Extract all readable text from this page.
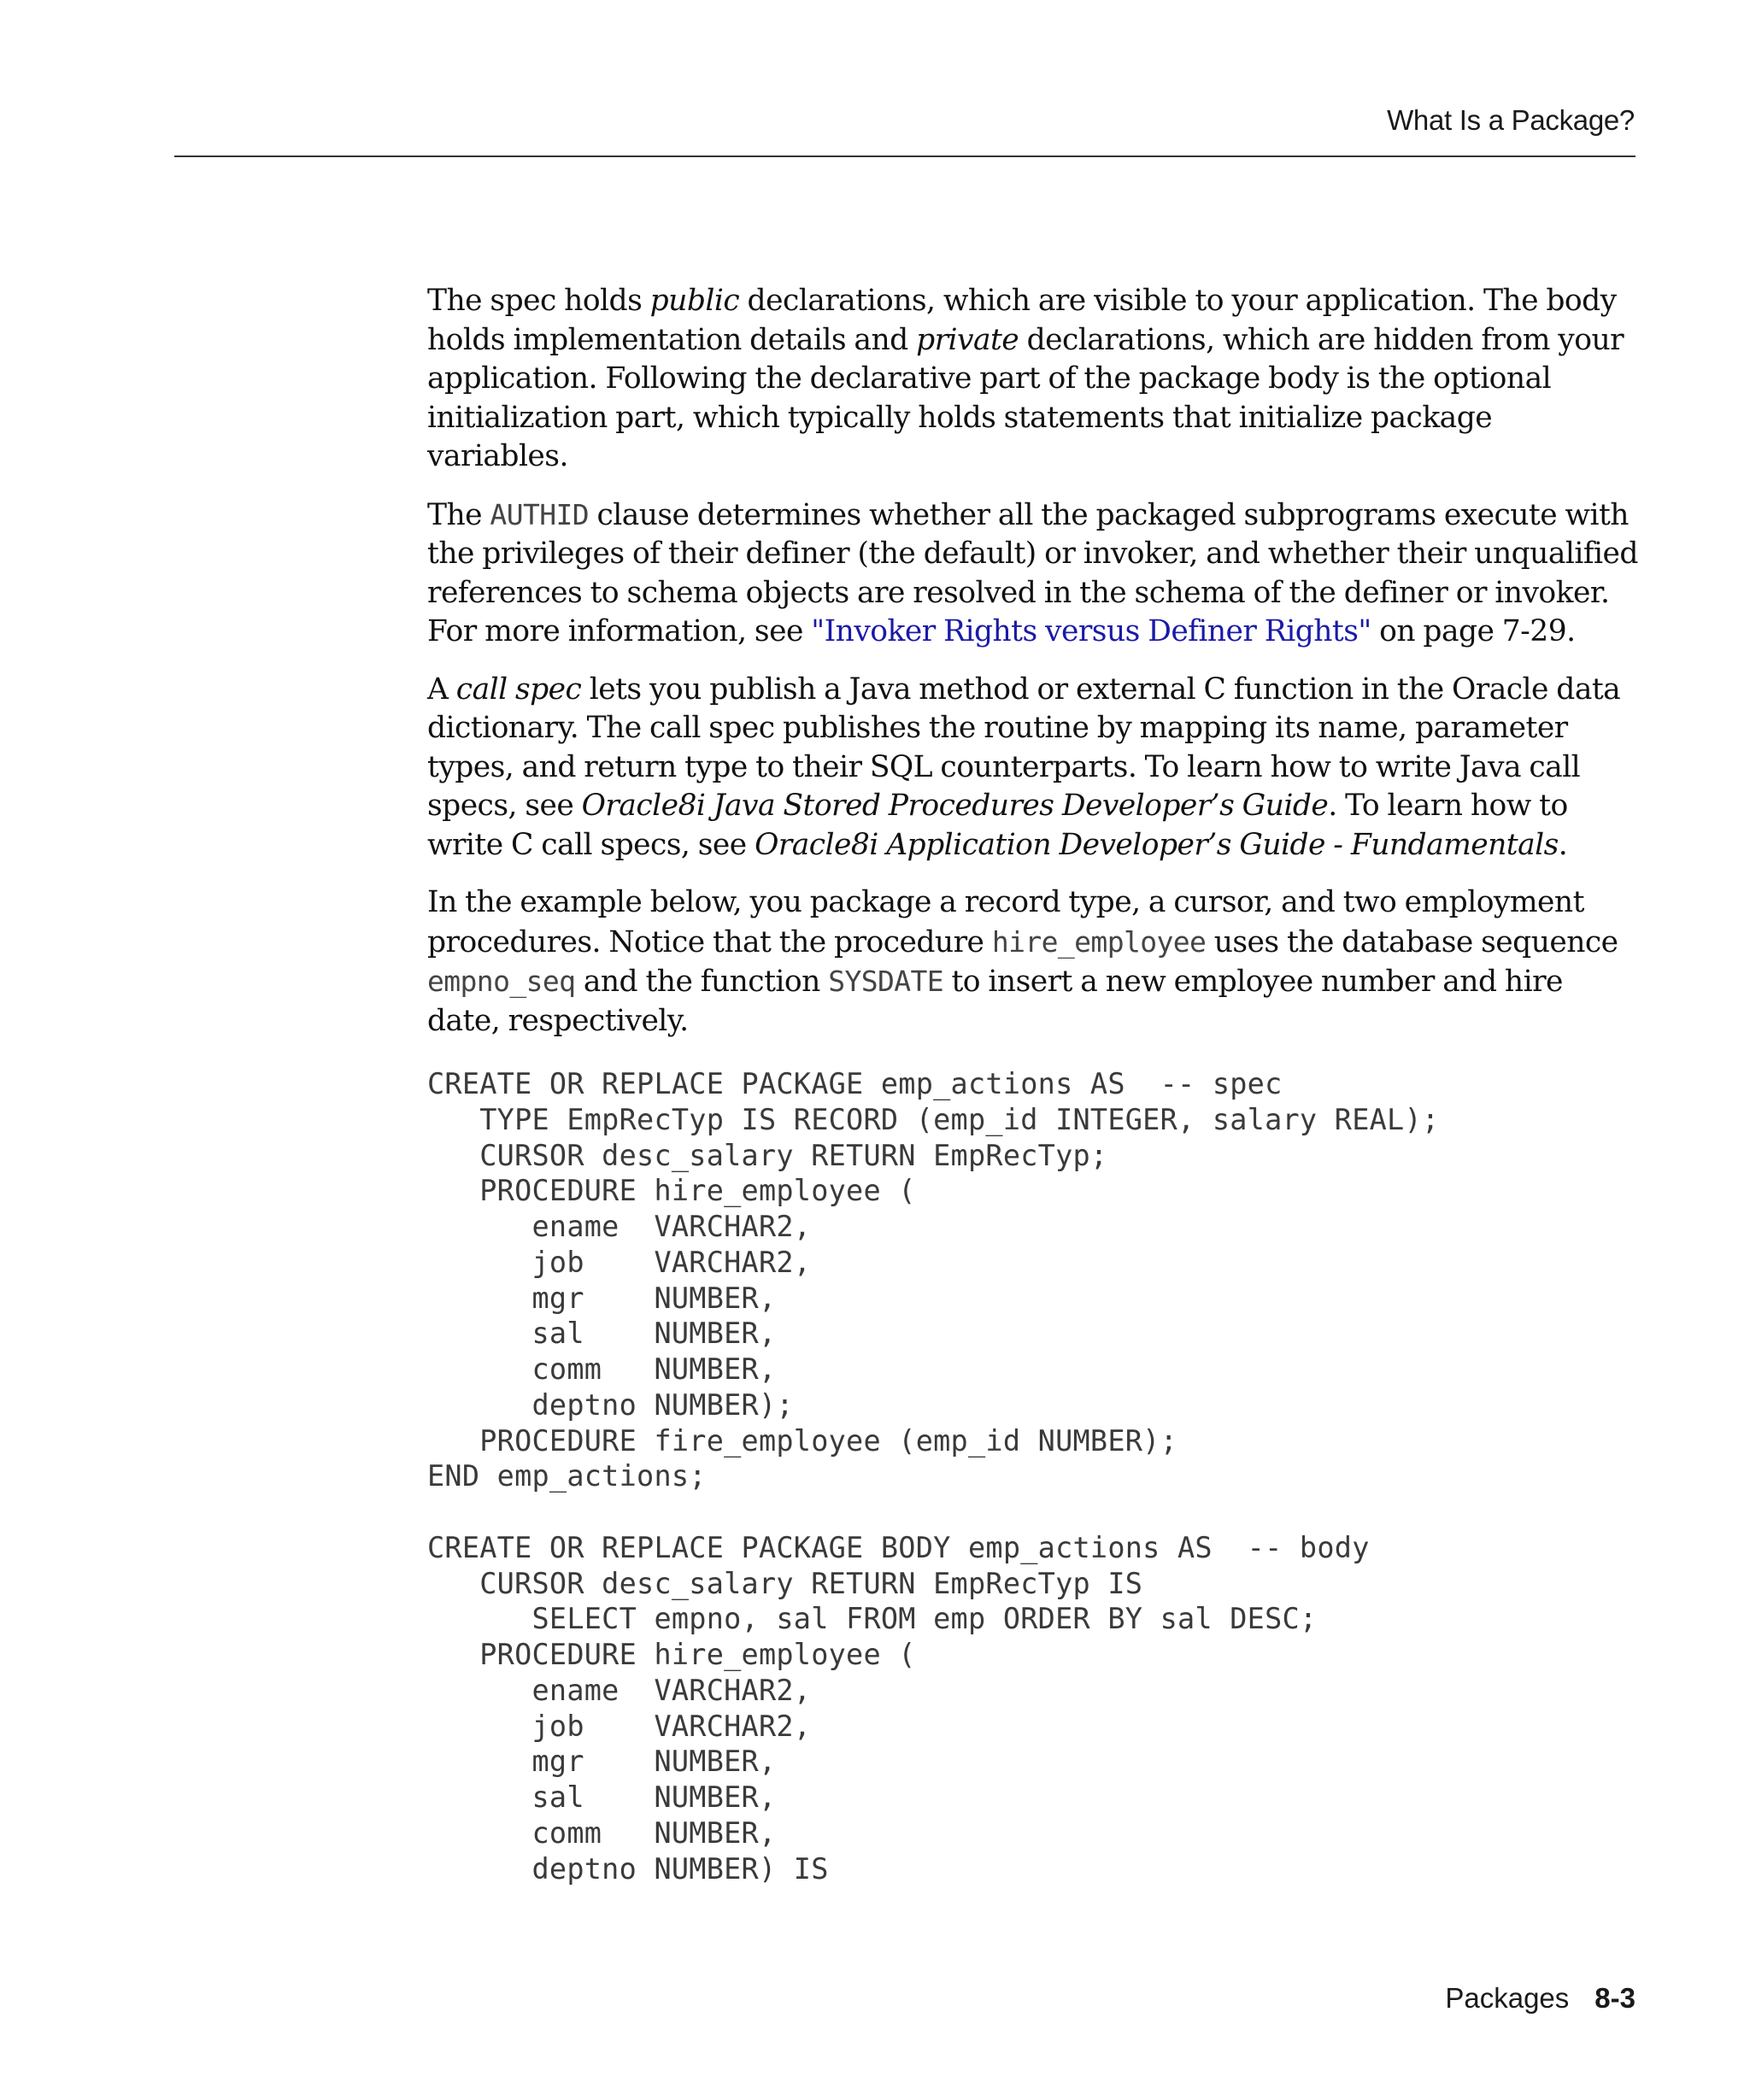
What Is a Package?

The spec holds public declarations, which are visible to your application. The body holds implementation details and private declarations, which are hidden from your application. Following the declarative part of the package body is the optional initialization part, which typically holds statements that initialize package variables.

The AUTHID clause determines whether all the packaged subprograms execute with the privileges of their definer (the default) or invoker, and whether their unqualified references to schema objects are resolved in the schema of the definer or invoker. For more information, see "Invoker Rights versus Definer Rights" on page 7-29.

A call spec lets you publish a Java method or external C function in the Oracle data dictionary. The call spec publishes the routine by mapping its name, parameter types, and return type to their SQL counterparts. To learn how to write Java call specs, see Oracle8i Java Stored Procedures Developer’s Guide. To learn how to write C call specs, see Oracle8i Application Developer’s Guide - Fundamentals.

In the example below, you package a record type, a cursor, and two employment procedures. Notice that the procedure hire_employee uses the database sequence empno_seq and the function SYSDATE to insert a new employee number and hire date, respectively.

CREATE OR REPLACE PACKAGE emp_actions AS  -- spec
TYPE EmpRecTyp IS RECORD (emp_id INTEGER, salary REAL);
CURSOR desc_salary RETURN EmpRecTyp;
PROCEDURE hire_employee (
ename  VARCHAR2,
job    VARCHAR2,
mgr    NUMBER,
sal    NUMBER,
comm   NUMBER,
deptno NUMBER);
PROCEDURE fire_employee (emp_id NUMBER);
END emp_actions;
CREATE OR REPLACE PACKAGE BODY emp_actions AS  -- body
CURSOR desc_salary RETURN EmpRecTyp IS
SELECT empno, sal FROM emp ORDER BY sal DESC;
PROCEDURE hire_employee (
ename  VARCHAR2,
job    VARCHAR2,
mgr    NUMBER,
sal    NUMBER,
comm   NUMBER,
deptno NUMBER) IS
Packages 8-3
